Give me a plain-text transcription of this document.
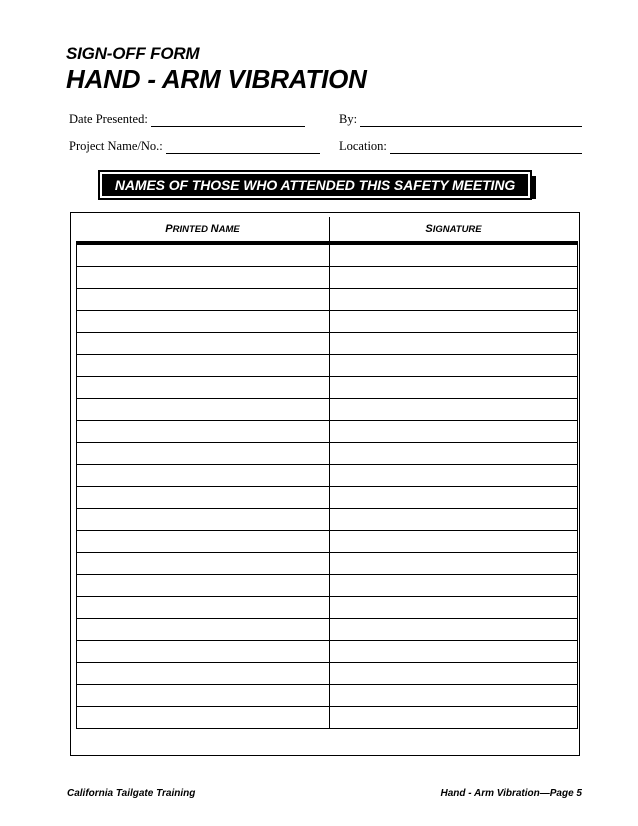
SIGN-OFF FORM
HAND - ARM VIBRATION
Date Presented:	By:
Project Name/No.:	Location:
NAMES OF THOSE WHO ATTENDED THIS SAFETY MEETING
PRINTED NAME	SIGNATURE

California Tailgate Training	Hand - Arm Vibration—Page 5
